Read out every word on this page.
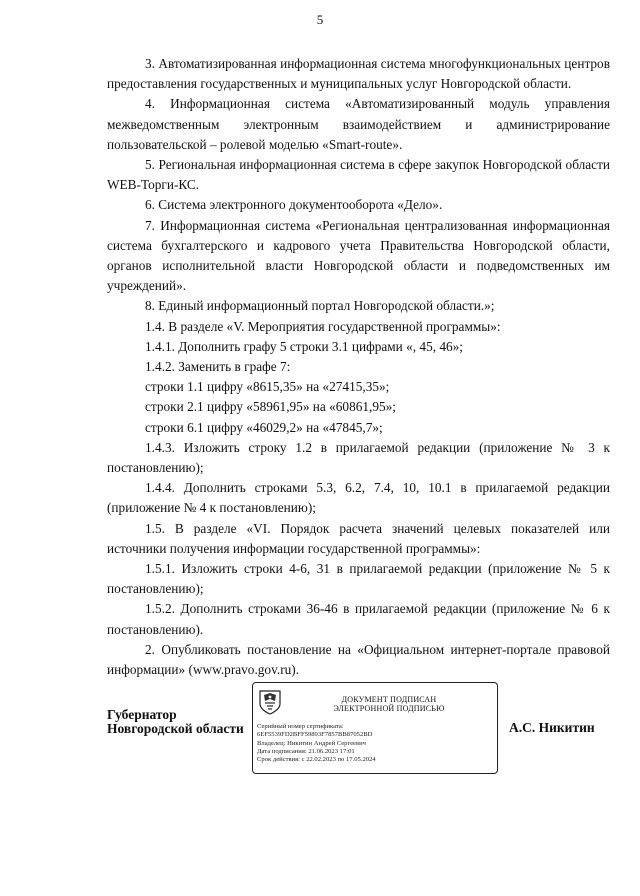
5

3. Автоматизированная информационная система многофункциональных центров предоставления государственных и муниципальных услуг Новгородской области.

4. Информационная система «Автоматизированный модуль управления межведомственным электронным взаимодействием и администрирование пользовательской – ролевой моделью «Smart-route».

5. Региональная информационная система в сфере закупок Новгородской области WEB-Торги-КС.

6. Система электронного документооборота «Дело».

7. Информационная система «Региональная централизованная информационная система бухгалтерского и кадрового учета Правительства Новгородской области, органов исполнительной власти Новгородской области и подведомственных им учреждений».

8. Единый информационный портал Новгородской области.»;

1.4. В разделе «V. Мероприятия государственной программы»:

1.4.1. Дополнить графу 5 строки 3.1 цифрами «, 45, 46»;

1.4.2. Заменить в графе 7:

строки 1.1 цифру «8615,35» на «27415,35»;

строки 2.1 цифру «58961,95» на «60861,95»;

строки 6.1 цифру «46029,2» на «47845,7»;

1.4.3. Изложить строку 1.2 в прилагаемой редакции (приложение № 3 к постановлению);

1.4.4. Дополнить строками 5.3, 6.2, 7.4, 10, 10.1 в прилагаемой редакции (приложение № 4 к постановлению);

1.5. В разделе «VI. Порядок расчета значений целевых показателей или источники получения информации государственной программы»:

1.5.1. Изложить строки 4-6, 31 в прилагаемой редакции (приложение № 5 к постановлению);

1.5.2. Дополнить строками 36-46 в прилагаемой редакции (приложение № 6 к постановлению).

2. Опубликовать постановление на «Официальном интернет-портале правовой информации» (www.pravo.gov.ru).

Губернатор
Новгородской области
ДОКУМЕНТ ПОДПИСАН
ЭЛЕКТРОННОЙ ПОДПИСЬЮ
Серийный номер сертификата:
6EF5539FD2BFF59893F7857BB87052BD
Владелец: Никитин Андрей Сергеевич
Дата подписания: 21.06.2023 17:01
Срок действия: с 22.02.2023 по 17.05.2024
А.С. Никитин
